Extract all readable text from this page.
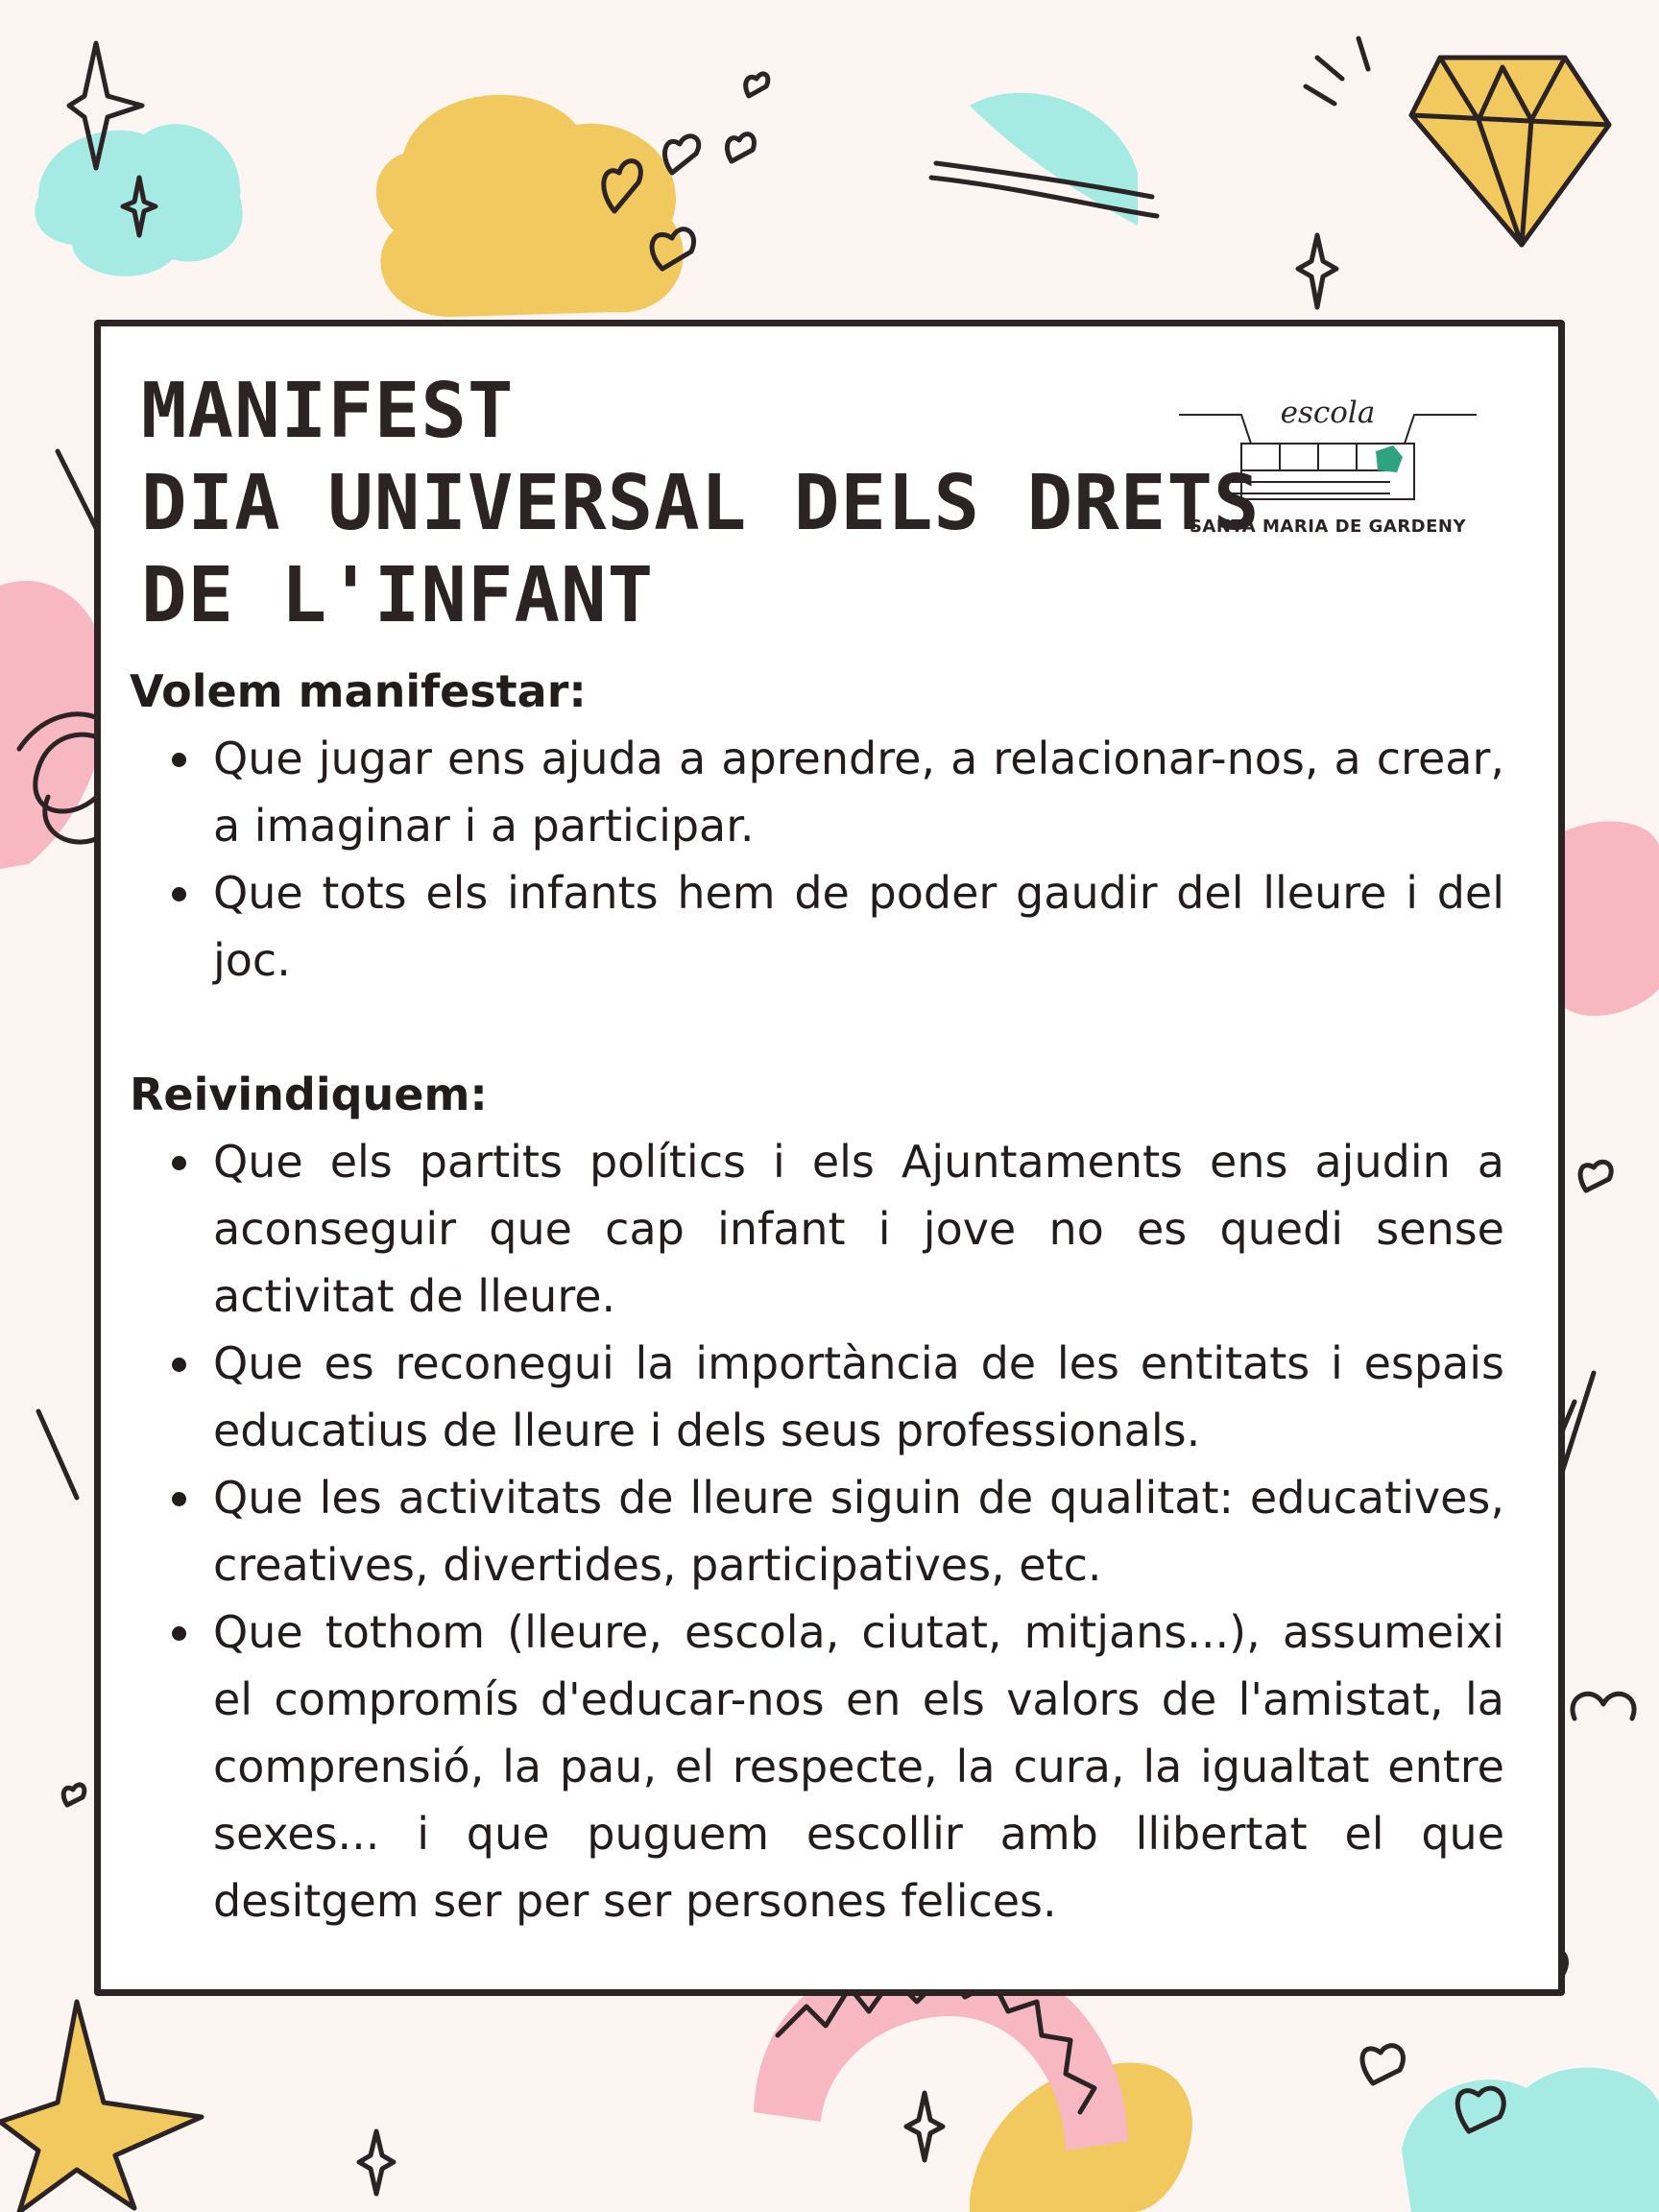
MANIFEST
DIA UNIVERSAL DELS DRETS
DE L'INFANT
escola
SANTA MARIA DE GARDENY

Volem manifestar:

Que jugar ens ajuda a aprendre, a relacionar-nos, a crear, a imaginar i a participar.
Que tots els infants hem de poder gaudir del lleure i del joc.

Reivindiquem:

Que els partits polítics i els Ajuntaments ens ajudin a aconseguir que cap infant i jove no es quedi sense activitat de lleure.
Que es reconegui la importància de les entitats i espais educatius de lleure i dels seus professionals.
Que les activitats de lleure siguin de qualitat: educatives, creatives, divertides, participatives, etc.
Que tothom (lleure, escola, ciutat, mitjans...), assumeixi el compromís d'educar-nos en els valors de l'amistat, la comprensió, la pau, el respecte, la cura, la igualtat entre sexes... i que puguem escollir amb llibertat el que desitgem ser per ser persones felices.
